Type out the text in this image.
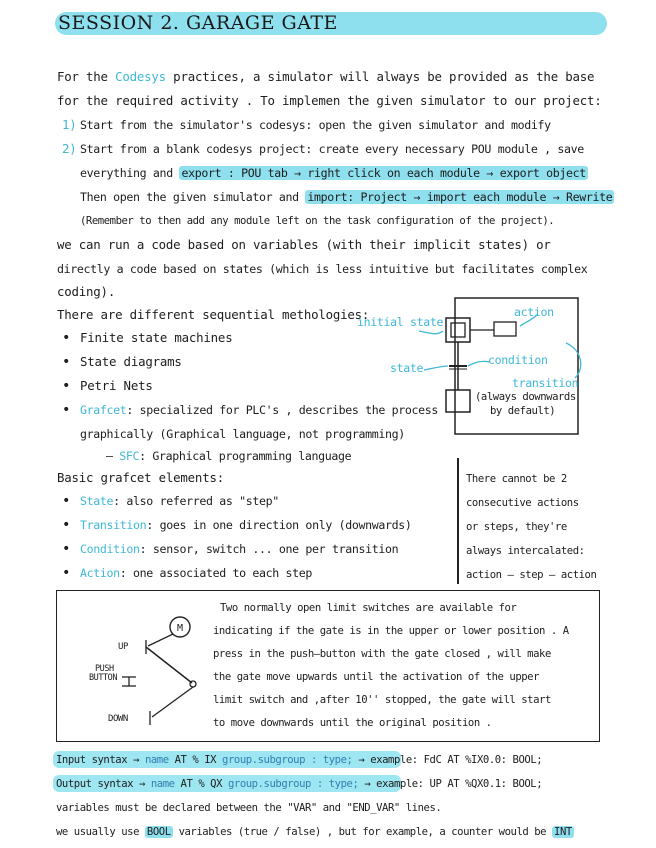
SESSION 2. GARAGE GATE
For the Codesys practices, a simulator will always be provided as the base
for the required activity . To implemen the given simulator to our project:
1) Start from the simulator's codesys: open the given simulator and modify
2) Start from a blank codesys project: create every necessary POU module , save
everything and export : POU tab → right click on each module → export object
Then open the given simulator and import: Project → import each module → Rewrite
(Remember to then add any module left on the task configuration of the project).
we can run a code based on variables (with their implicit states) or
directly a code based on states (which is less intuitive but facilitates complex
coding).
There are different sequential methologies:
• Finite state machines
• State diagrams
• Petri Nets
• Grafcet: specialized for PLC's , describes the process
graphically (Graphical language, not programming)
– SFC: Graphical programming language
initial state
action
state
condition
transition
(always downwards
by default)
Basic grafcet elements:
• State: also referred as "step"
• Transition: goes in one direction only (downwards)
• Condition: sensor, switch ... one per transition
• Action: one associated to each step
There cannot be 2
consecutive actions
or steps, they're
always intercalated:
action – step – action
M
UP
PUSH
BUTTON
DOWN
Two normally open limit switches are available for
indicating if the gate is in the upper or lower position . A
press in the push–button with the gate closed , will make
the gate move upwards until the activation of the upper
limit switch and ,after 10'' stopped, the gate will start
to move downwards until the original position .
Input syntax → name AT % IX group.subgroup : type; → example: FdC AT %IX0.0: BOOL;
Output syntax → name AT % QX group.subgroup : type; → example: UP AT %QX0.1: BOOL;
variables must be declared between the "VAR" and "END_VAR" lines.
we usually use BOOL variables (true / false) , but for example, a counter would be INT
